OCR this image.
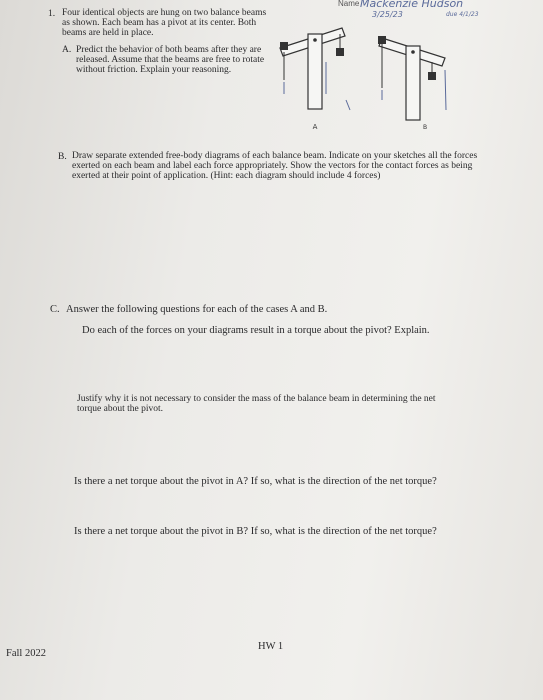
Name Mackenzie Hudson
3/25/23	due 4/1/23
1. Four identical objects are hung on two balance beams as shown. Each beam has a pivot at its center. Both beams are held in place.

A. Predict the behavior of both beams after they are released. Assume that the beams are free to rotate without friction. Explain your reasoning.

A	B
B. Draw separate extended free-body diagrams of each balance beam. Indicate on your sketches all the forces exerted on each beam and label each force appropriately. Show the vectors for the contact forces as being exerted at their point of application. (Hint: each diagram should include 4 forces)

C. Answer the following questions for each of the cases A and B.

Do each of the forces on your diagrams result in a torque about the pivot? Explain.

Justify why it is not necessary to consider the mass of the balance beam in determining the net torque about the pivot.

Is there a net torque about the pivot in A? If so, what is the direction of the net torque?

Is there a net torque about the pivot in B? If so, what is the direction of the net torque?

HW 1
Fall 2022
